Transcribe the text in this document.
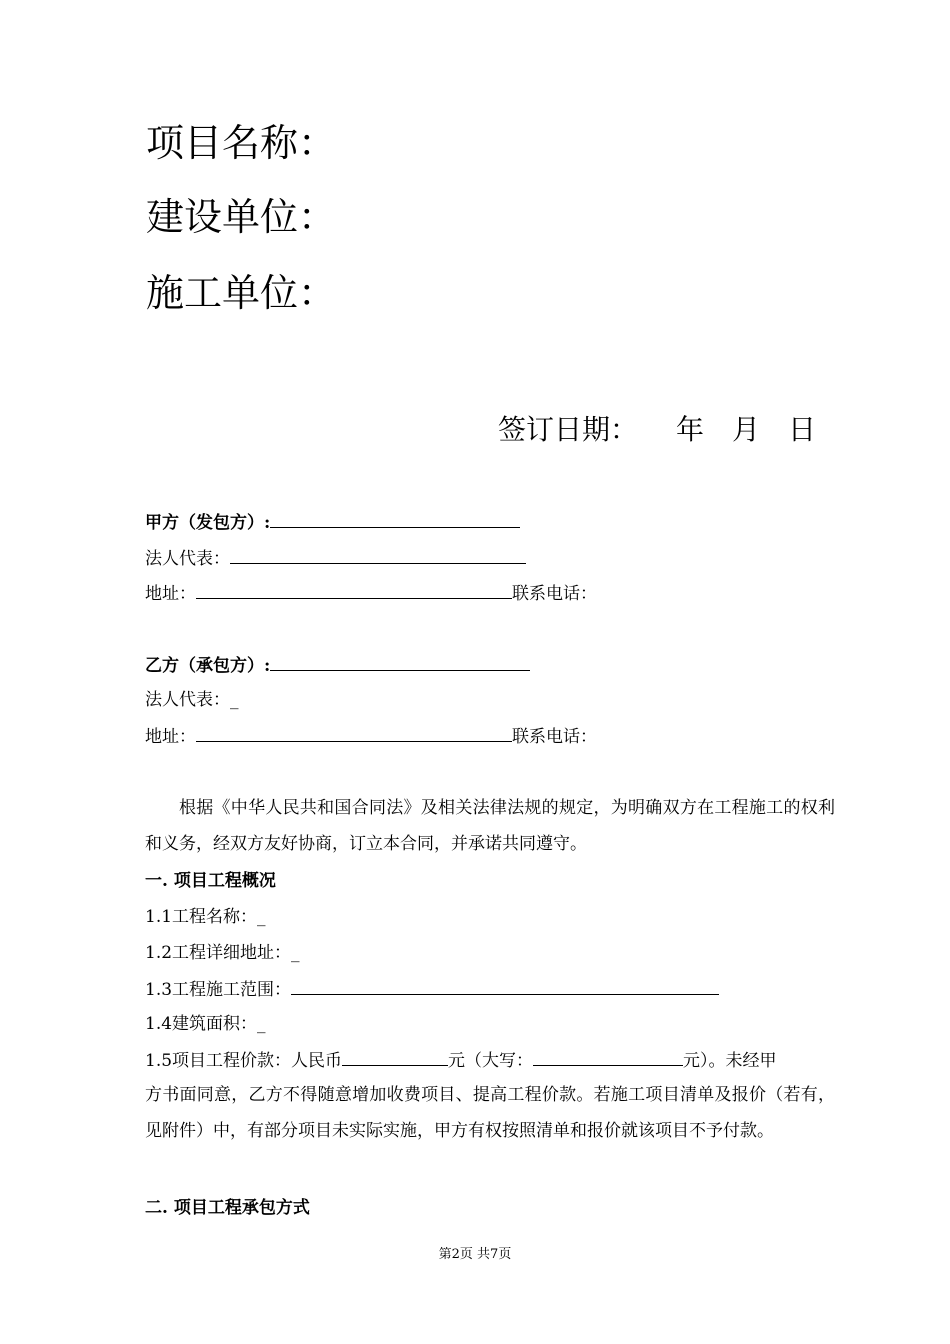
项目名称：
建设单位：
施工单位：
签订日期： 年 月 日
甲方（发包方）:
法人代表：
地址：	联系电话：
乙方（承包方）:
法人代表：_
地址：	联系电话：
根据《中华人民共和国合同法》及相关法律法规的规定，为明确双方在工程施工的权利和义务，经双方友好协商，订立本合同，并承诺共同遵守。
一. 项目工程概况
1.1工程名称：_
1.2工程详细地址：_
1.3工程施工范围：
1.4建筑面积：_
1.5项目工程价款：人民币	元（大写：	元）。未经甲
方书面同意，乙方不得随意增加收费项目、提高工程价款。若施工项目清单及报价（若有，见附件）中，有部分项目未实际实施，甲方有权按照清单和报价就该项目不予付款。
二. 项目工程承包方式
第2页 共7页
